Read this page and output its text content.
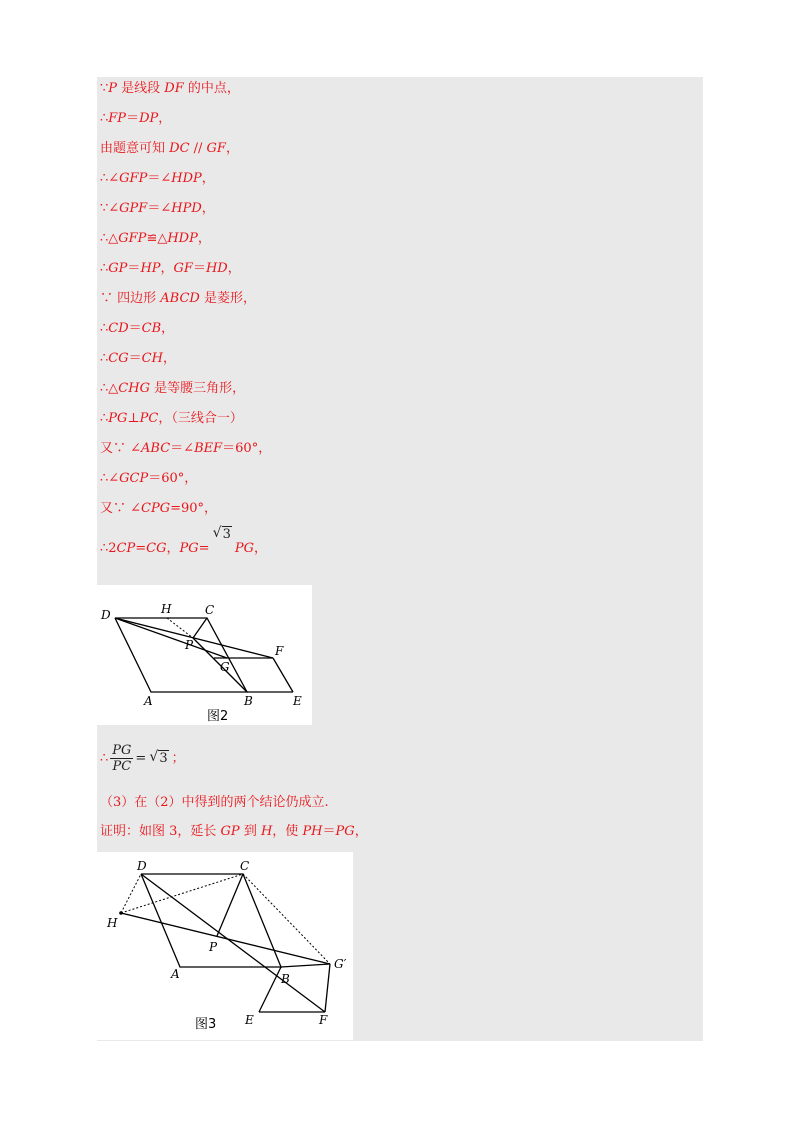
∵P 是线段 DF 的中点，
∴FP＝DP，
由题意可知 DC // GF，
∴∠GFP＝∠HDP，
∵∠GPF＝∠HPD，
∴△GFP≌△HDP，
∴GP＝HP，GF＝HD，
∵ 四边形 ABCD 是菱形，
∴CD＝CB，
∴CG＝CH，
∴△CHG 是等腰三角形，
∴PG⊥PC，（三线合一）
又∵ ∠ABC＝∠BEF＝60°，
∴∠GCP＝60°，
又∵ ∠CPG=90°，
∴2CP=CG，PG=√ 3PG，
D	H	C
P	F
G
A	B	E
图2
∴ $\frac{PG}{PC}$ =√ 3 ；
（3）在（2）中得到的两个结论仍成立.
证明：如图 3，延长 GP 到 H，使 PH＝PG，
D	C
H
P
A	B
G′
E	F
图3
